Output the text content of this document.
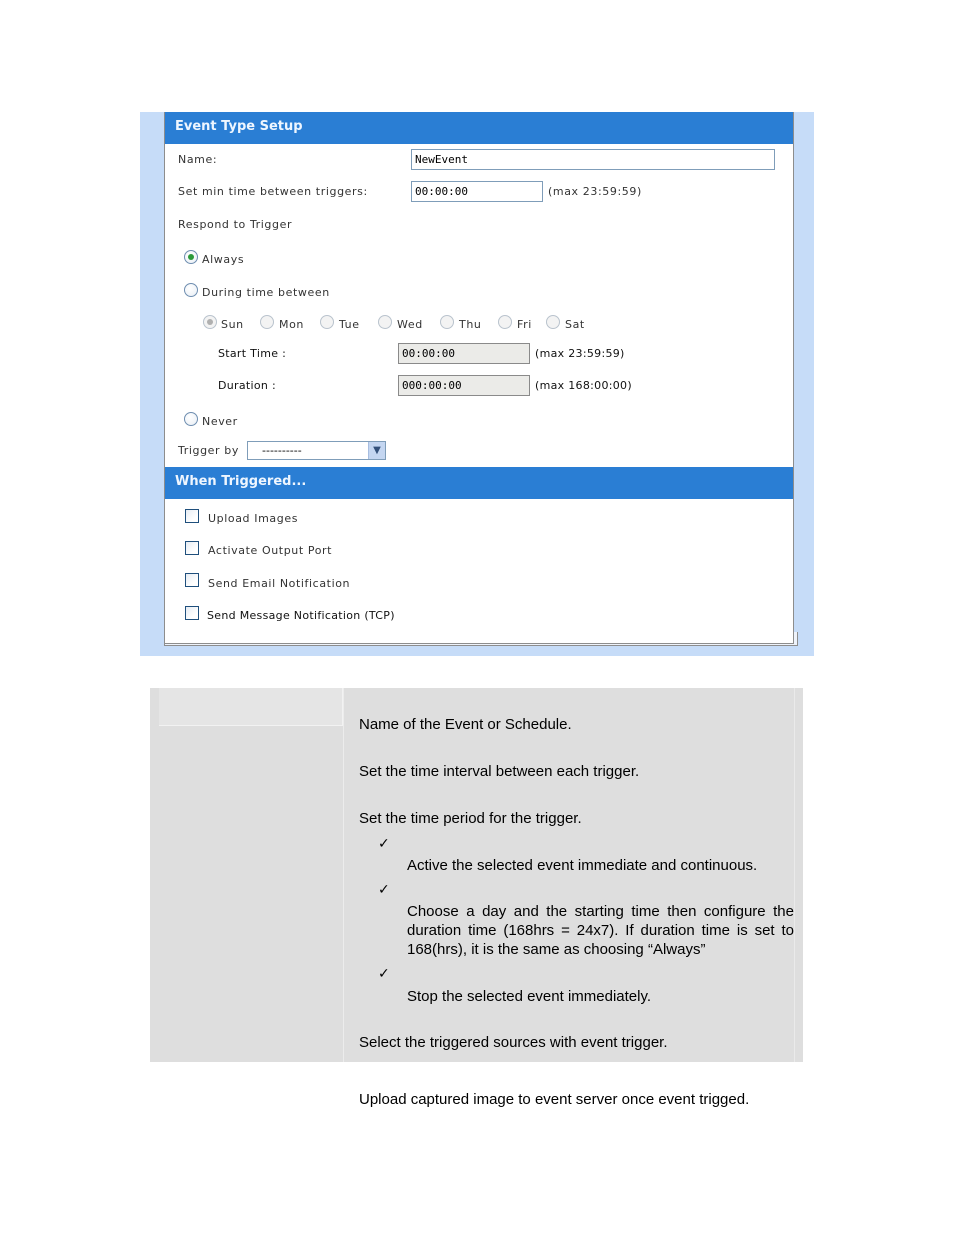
Event Type Setup
Name:	NewEvent
Set min time between triggers:	00:00:00	(max 23:59:59)
Respond to Trigger
Always
During time between
Sun	Mon	Tue	Wed	Thu	Fri	Sat
Start Time :	00:00:00	(max 23:59:59)
Duration :	000:00:00	(max 168:00:00)
Never
Trigger by	----------	▼
When Triggered...
Upload Images
Activate Output Port
Send Email Notification
Send Message Notification (TCP)
Name of the Event or Schedule.
Set the time interval between each trigger.
Set the time period for the trigger.
✓
Active the selected event immediate and continuous.
✓
Choose a day and the starting time then configure the duration time (168hrs = 24x7). If duration time is set to 168(hrs), it is the same as choosing “Always”
✓
Stop the selected event immediately.
Select the triggered sources with event trigger.
Upload captured image to event server once event trigged.
